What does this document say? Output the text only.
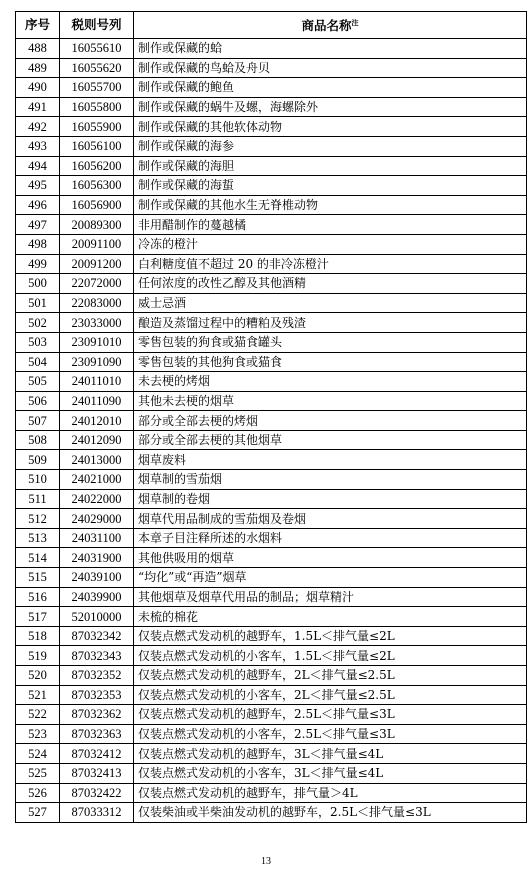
序号	税则号列	商品名称$^注$
488	16055610	制作或保藏的蛤
489	16055620	制作或保藏的鸟蛤及舟贝
490	16055700	制作或保藏的鲍鱼
491	16055800	制作或保藏的蜗牛及螺，海螺除外
492	16055900	制作或保藏的其他软体动物
493	16056100	制作或保藏的海参
494	16056200	制作或保藏的海胆
495	16056300	制作或保藏的海蜇
496	16056900	制作或保藏的其他水生无脊椎动物
497	20089300	非用醋制作的蔓越橘
498	20091100	冷冻的橙汁
499	20091200	白利糖度值不超过 20 的非冷冻橙汁
500	22072000	任何浓度的改性乙醇及其他酒精
501	22083000	威士忌酒
502	23033000	酿造及蒸馏过程中的糟粕及残渣
503	23091010	零售包装的狗食或猫食罐头
504	23091090	零售包装的其他狗食或猫食
505	24011010	未去梗的烤烟
506	24011090	其他未去梗的烟草
507	24012010	部分或全部去梗的烤烟
508	24012090	部分或全部去梗的其他烟草
509	24013000	烟草废料
510	24021000	烟草制的雪茄烟
511	24022000	烟草制的卷烟
512	24029000	烟草代用品制成的雪茄烟及卷烟
513	24031100	本章子目注释所述的水烟料
514	24031900	其他供吸用的烟草
515	24039100	“均化”或“再造”烟草
516	24039900	其他烟草及烟草代用品的制品；烟草精汁
517	52010000	未梳的棉花
518	87032342	仅装点燃式发动机的越野车，1.5L＜排气量≤2L
519	87032343	仅装点燃式发动机的小客车，1.5L＜排气量≤2L
520	87032352	仅装点燃式发动机的越野车，2L＜排气量≤2.5L
521	87032353	仅装点燃式发动机的小客车，2L＜排气量≤2.5L
522	87032362	仅装点燃式发动机的越野车，2.5L＜排气量≤3L
523	87032363	仅装点燃式发动机的小客车，2.5L＜排气量≤3L
524	87032412	仅装点燃式发动机的越野车，3L＜排气量≤4L
525	87032413	仅装点燃式发动机的小客车，3L＜排气量≤4L
526	87032422	仅装点燃式发动机的越野车，排气量＞4L
527	87033312	仅装柴油或半柴油发动机的越野车，2.5L＜排气量≤3L
13
